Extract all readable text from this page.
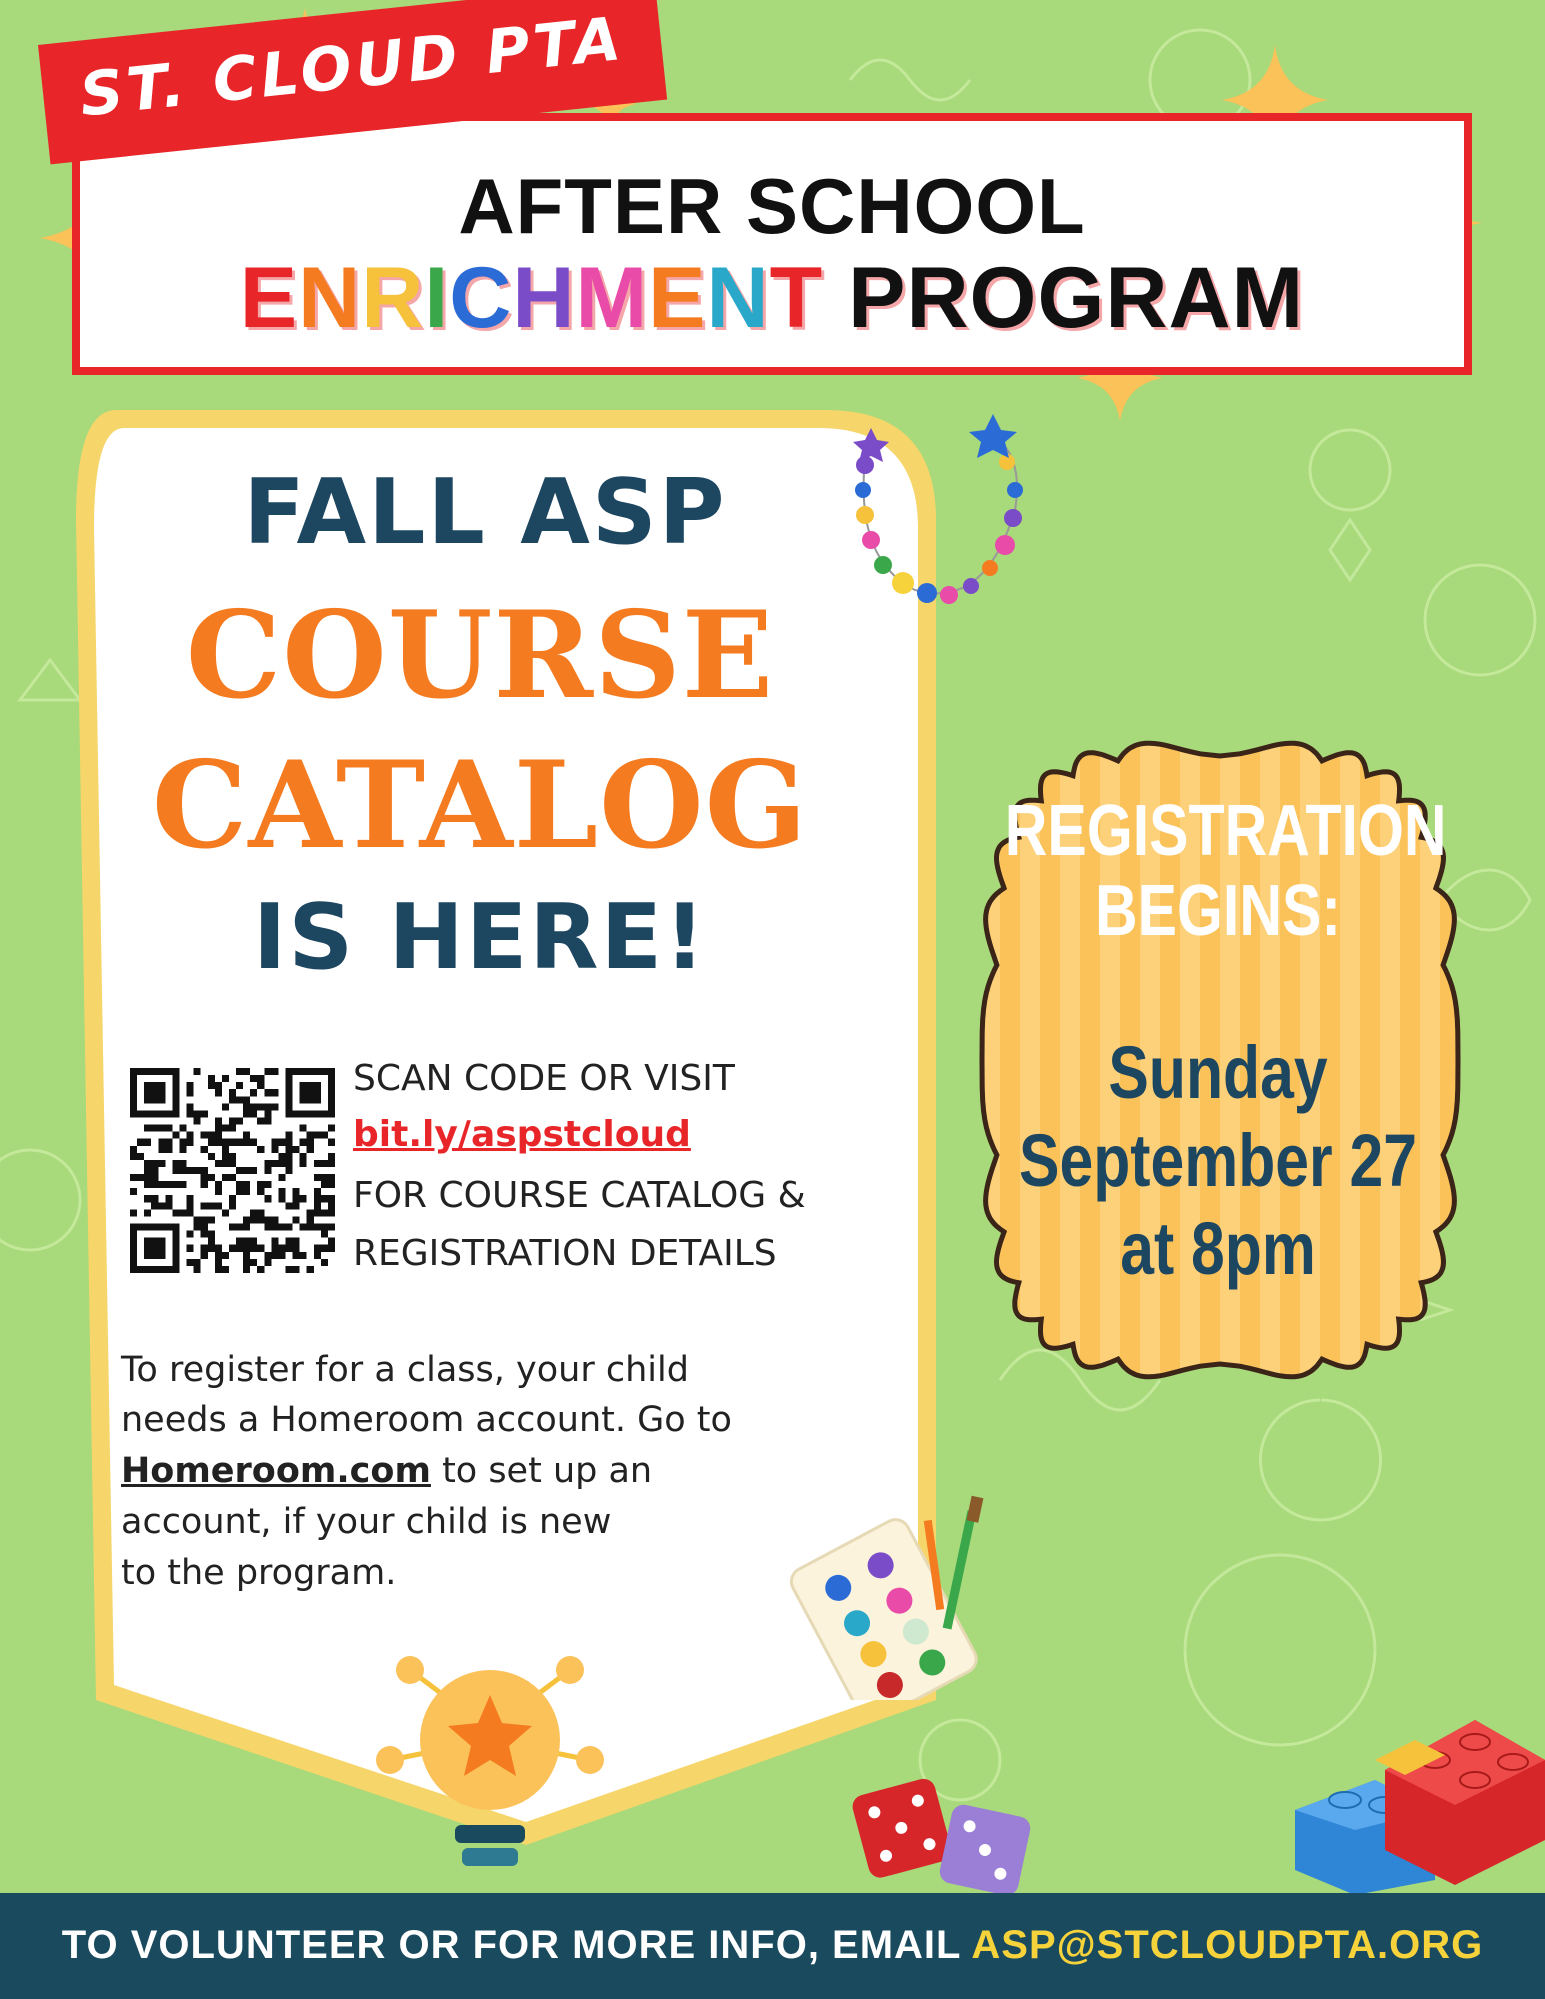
AFTER SCHOOL
ENRICHMENT PROGRAM
ST. CLOUD PTA
FALL ASP
COURSE
CATALOG
IS HERE!
SCAN CODE OR VISIT
bit.ly/aspstcloud
FOR COURSE CATALOG &
REGISTRATION DETAILS
To register for a class, your child
needs a Homeroom account. Go to
Homeroom.com to set up an
account, if your child is new
to the program.
REGISTRATION
BEGINS:
Sunday
September 27
at 8pm
TO VOLUNTEER OR FOR MORE INFO, EMAIL ASP@STCLOUDPTA.ORG
